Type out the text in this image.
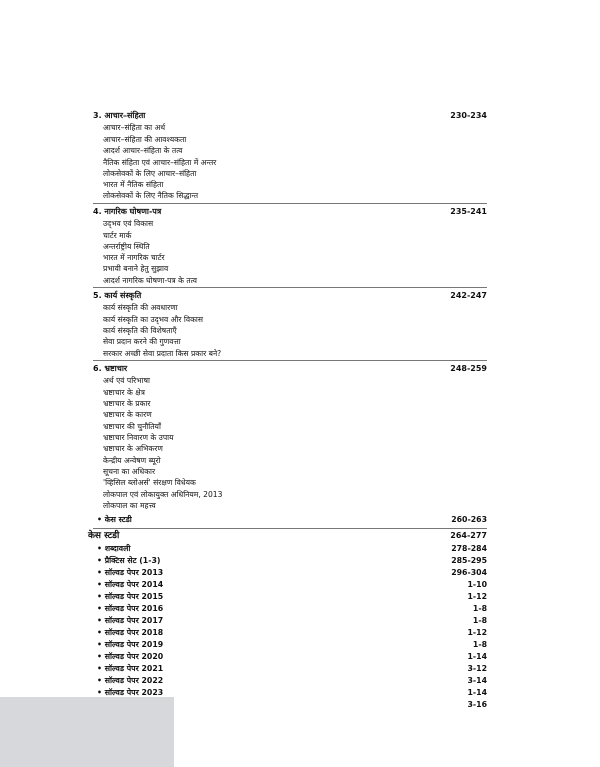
3. आचार–संहिता	230-234
आचार–संहिता का अर्थ
आचार–संहिता की आवश्यकता
आदर्श आचार–संहिता के तत्व
नैतिक संहिता एवं आचार–संहिता में अन्तर
लोकसेवकों के लिए आचार–संहिता
भारत में नैतिक संहिता
लोकसेवकों के लिए नैतिक सिद्धान्त
4. नागरिक घोषणा-पत्र	235-241
उद्‌भव एवं विकास
चार्टर मार्क
अन्तर्राष्ट्रीय स्थिति
भारत में नागरिक चार्टर
प्रभावी बनाने हेतु सुझाव
आदर्श नागरिक घोषणा-पत्र के तत्व
5. कार्य संस्कृति	242-247
कार्य संस्कृति की अवधारणा
कार्य संस्कृति का उद्‌भव और विकास
कार्य संस्कृति की विशेषताएँ
सेवा प्रदान करने की गुणवत्ता
सरकार अच्छी सेवा प्रदाता किस प्रकार बने?
6. भ्रष्टाचार	248-259
अर्थ एवं परिभाषा
भ्रष्टाचार के क्षेत्र
भ्रष्टाचार के प्रकार
भ्रष्टाचार के कारण
भ्रष्टाचार की चुनौतियाँ
भ्रष्टाचार निवारण के उपाय
भ्रष्टाचार के अभिकरण
केन्द्रीय अन्वेषण ब्यूरो
सूचना का अधिकार
'व्हिसिल ब्लोअर्स' संरक्षण विधेयक
लोकपाल एवं लोकायुक्त अधिनियम, 2013
लोकपाल का महत्त्व
• केस स्टडी	260-263
केस स्टडी	264-277
• शब्दावली	278-284
• प्रैक्टिस सेट (1-3)	285-295
• सॉल्वड पेपर 2013	296-304
• सॉल्वड पेपर 2014	1-10
• सॉल्वड पेपर 2015	1-12
• सॉल्वड पेपर 2016	1-8
• सॉल्वड पेपर 2017	1-8
• सॉल्वड पेपर 2018	1-12
• सॉल्वड पेपर 2019	1-8
• सॉल्वड पेपर 2020	1-14
• सॉल्वड पेपर 2021	3-12
• सॉल्वड पेपर 2022	3-14
• सॉल्वड पेपर 2023	1-14
3-16
